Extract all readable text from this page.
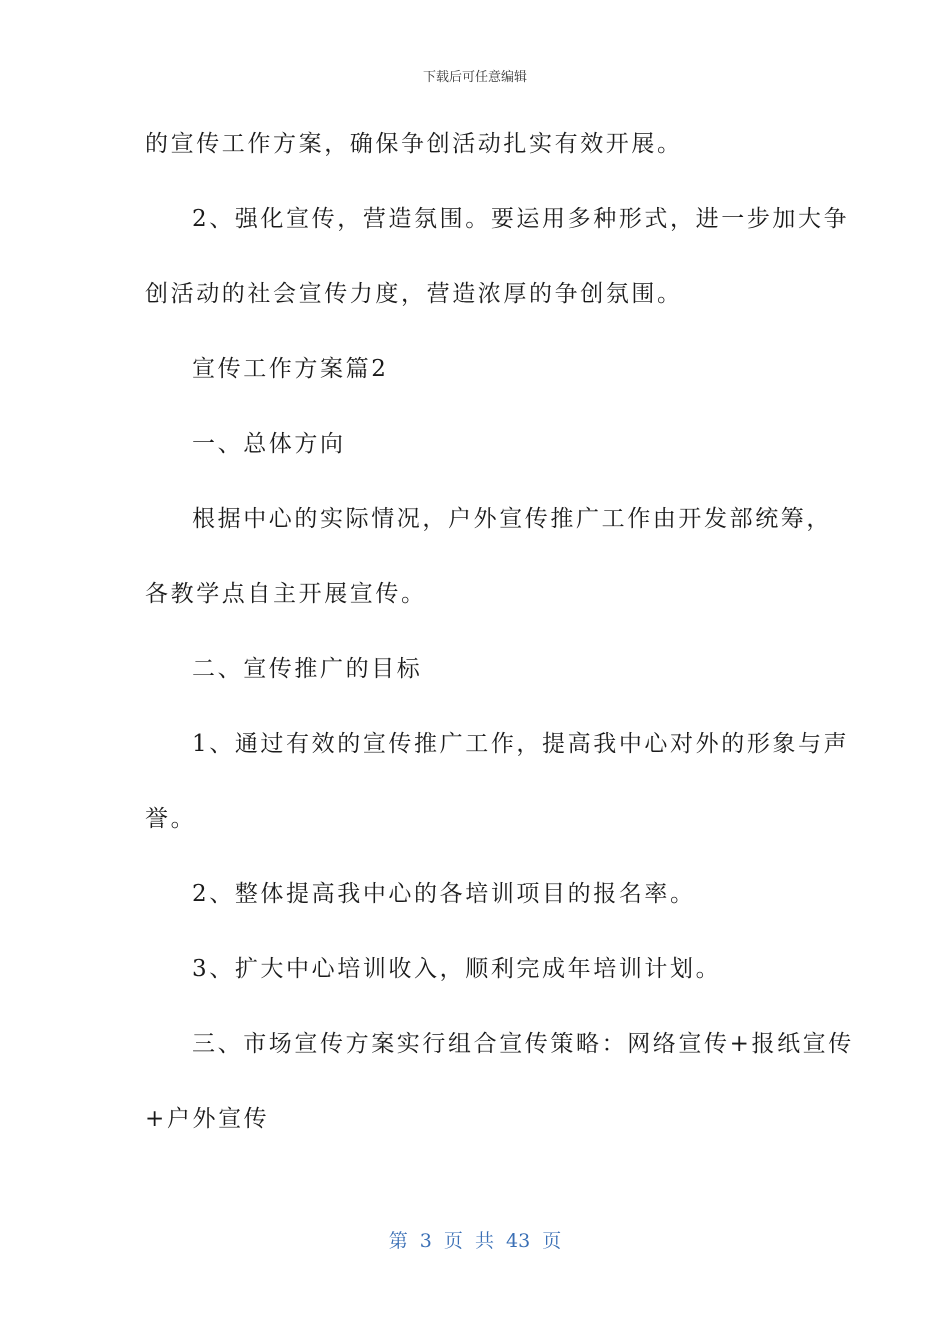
下载后可任意编辑
的宣传工作方案，确保争创活动扎实有效开展。
2、强化宣传，营造氛围。要运用多种形式，进一步加大争
创活动的社会宣传力度，营造浓厚的争创氛围。
宣传工作方案篇2
一、总体方向
根据中心的实际情况，户外宣传推广工作由开发部统筹，
各教学点自主开展宣传。
二、宣传推广的目标
1、通过有效的宣传推广工作，提高我中心对外的形象与声
誉。
2、整体提高我中心的各培训项目的报名率。
3、扩大中心培训收入，顺利完成年培训计划。
三、市场宣传方案实行组合宣传策略：网络宣传+报纸宣传
+户外宣传
第 3 页 共 43 页
